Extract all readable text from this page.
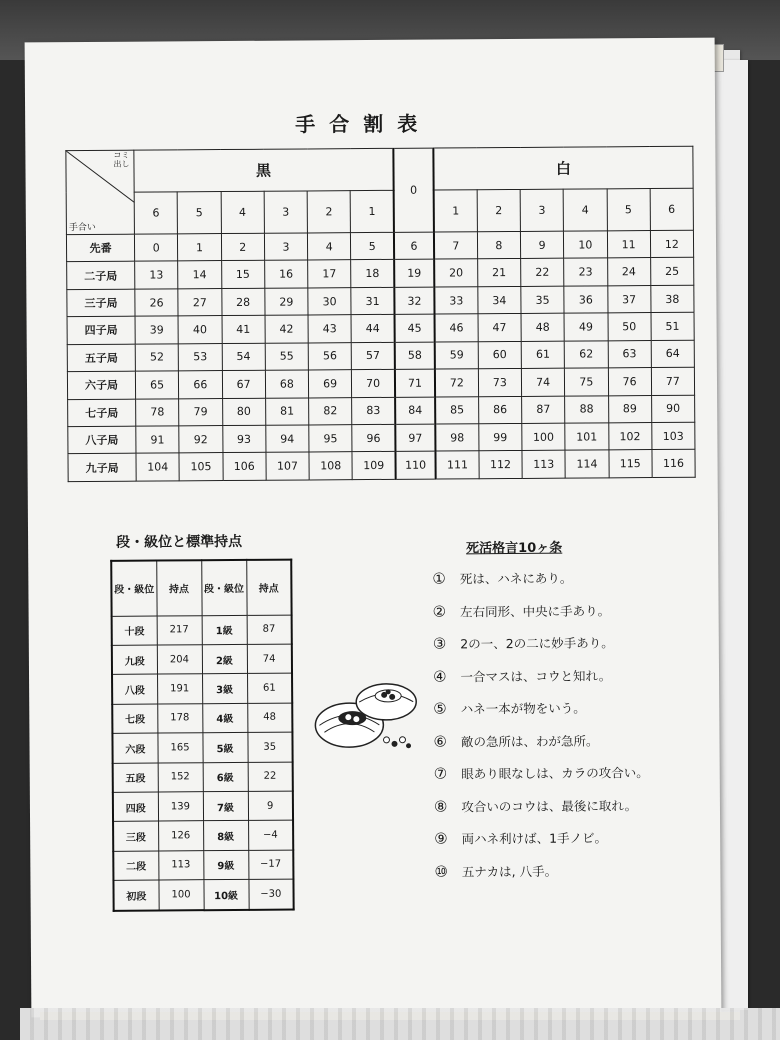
手合割表
コミ
出し
手合い	黒						0	白					
	6	5	4	3	2	1		1	2	3	4	5	6
先番	0	1	2	3	4	5	6	7	8	9	10	11	12
二子局	13	14	15	16	17	18	19	20	21	22	23	24	25
三子局	26	27	28	29	30	31	32	33	34	35	36	37	38
四子局	39	40	41	42	43	44	45	46	47	48	49	50	51
五子局	52	53	54	55	56	57	58	59	60	61	62	63	64
六子局	65	66	67	68	69	70	71	72	73	74	75	76	77
七子局	78	79	80	81	82	83	84	85	86	87	88	89	90
八子局	91	92	93	94	95	96	97	98	99	100	101	102	103
九子局	104	105	106	107	108	109	110	111	112	113	114	115	116
段・級位と標準持点
段・級位	持点	段・級位	持点
十段	217	1級	87
九段	204	2級	74
八段	191	3級	61
七段	178	4級	48
六段	165	5級	35
五段	152	6級	22
四段	139	7級	9
三段	126	8級	−4
二段	113	9級	−17
初段	100	10級	−30
死活格言10ヶ条
① 死は、ハネにあり。
② 左右同形、中央に手あり。
③ 2の一、2の二に妙手あり。
④ 一合マスは、コウと知れ。
⑤ ハネ一本が物をいう。
⑥ 敵の急所は、わが急所。
⑦ 眼あり眼なしは、カラの攻合い。
⑧ 攻合いのコウは、最後に取れ。
⑨ 両ハネ利けば、1手ノビ。
⑩ 五ナカは, 八手。
